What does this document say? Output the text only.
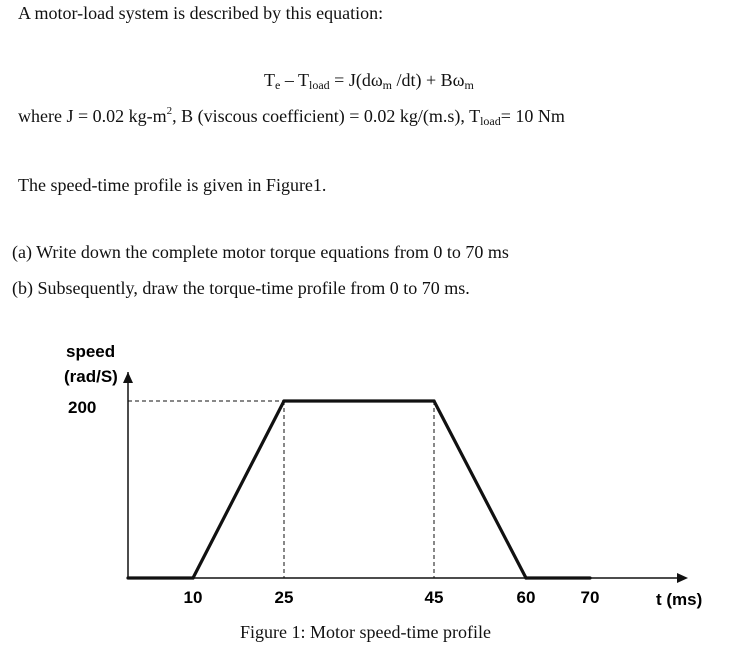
A motor-load system is described by this equation:
$T_e - T_{load} = J(d\omega_m$ $/dt) + B\omega_m$
where J = 0.02 $kg-m^2$, B (viscous coefficient) = 0.02 kg/(m.s), $T_{load}= 10$ Nm
The speed-time profile is given in Figure1.
(a) Write down the complete motor torque equations from 0 to 70 ms
(b) Subsequently, draw the torque-time profile from 0 to 70 ms.
speed
(rad/S)
200
t (ms)
10	25	45	60	70
Figure 1: Motor speed-time profile
